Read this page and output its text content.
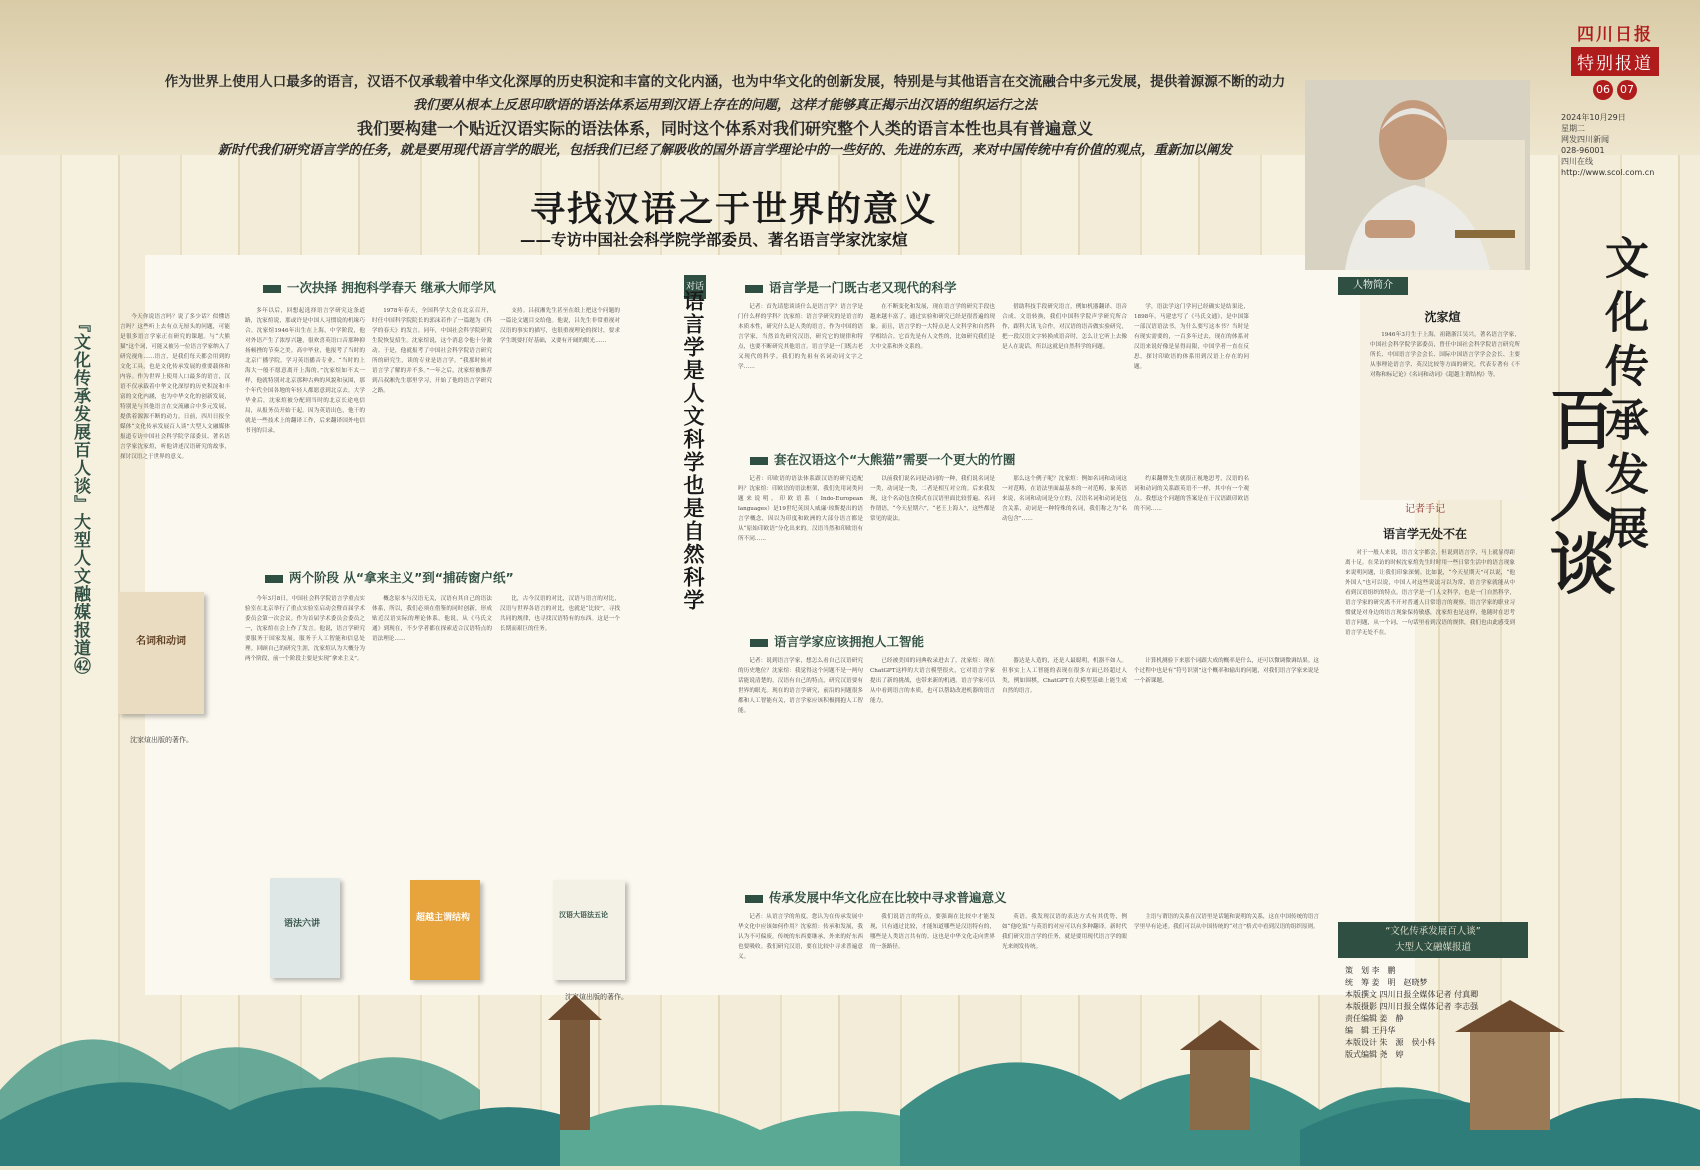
作为世界上使用人口最多的语言，汉语不仅承载着中华文化深厚的历史积淀和丰富的文化内涵，也为中华文化的创新发展，特别是与其他语言在交流融合中多元发展，提供着源源不断的动力
我们要从根本上反思印欧语的语法体系运用到汉语上存在的问题，这样才能够真正揭示出汉语的组织运行之法
我们要构建一个贴近汉语实际的语法体系，同时这个体系对我们研究整个人类的语言本性也具有普遍意义
新时代我们研究语言学的任务，就是要用现代语言学的眼光，包括我们已经了解吸收的国外语言学理论中的一些好的、先进的东西，来对中国传统中有价值的观点，重新加以阐发
四川日报
特别报道
06 07
2024年10月29日
星期二
网发四川新闻
028-96001
四川在线
http://www.scol.com.cn
文化传承发展
百人谈
寻找汉语之于世界的意义
——专访中国社会科学院学部委员、著名语言学家沈家煊
『文化传承发展百人谈』大型人文融媒报道㊷	今天你说语言吗？说了多少话？似懂语言吗？这些听上去有点无厘头的问题，可能是很多语言学家正在研究的课题。与“大熊猫”这个词，可能又被另一位语言学家纳入了研究视角……语言，是我们每天都会用到的文化工具，也是文化传承发展的重要载体和内容。作为世界上使用人口最多的语言，汉语不仅承载着中华文化深厚的历史积淀和丰富的文化内涵，也为中华文化的创新发展，特别是与其他语言在交流融合中多元发展，提供着源源不断的动力。日前，四川日报全媒体“文化传承发展百人谈”大型人文融媒体报道专访中国社会科学院学部委员、著名语言学家沈家煊，听他讲述汉语研究的故事，探讨汉语之于世界的意义。

名词和动词
沈家煊出版的著作。
语法六讲
超越主谓结构	汉语大语法五论
沈家煊出版的著作。
一次抉择 拥抱科学春天 继承大师学风

多年以后，回想起选择语言学研究这条道路，沈家煊说，那或许是中国人习惯说的机缘巧合。沈家煊1946年出生在上海，中学阶段，他对外语产生了浓厚兴趣，很欢喜英语口音那种抑扬顿挫的节奏之美。高中毕业，他报考了当时的北京广播学院，学习英语播音专业。“当时的上海大一般不愿意离开上海的。”沈家煊如不太一样，他就特别对北京那种古典的风貌和氛围，那个年代全国各地的年轻人都愿意到北京去。大学毕业后，沈家煊被分配到当时的北京长途电信局，从报务员开始干起。因为英语出色，他干的就是一些技术上的翻译工作，后来翻译国外电信书刊的目录。

1978年春天，全国科学大会在北京召开，时任中国科学院院长的郭沫若作了一篇题为《科学的春天》的发言。同年，中国社会科学院研究生院恢复招生。沈家煊说，这个消息令他十分激动。于是，他就报考了中国社会科学院语言研究所的研究生，读的专业是语言学。“我那时候对语言学了解的并不多。”一年之后，沈家煊被推荐到吕叔湘先生那里学习，开始了他的语言学研究之路。

支持。吕叔湘先生甚至在纸上把这个问题的一篇论文题目交给他。他说，吕先生非常重视对汉语的事实的描写，也很重视理论的探讨，要求学生既要打好基础，又要有开阔的眼光……

两个阶段 从“拿来主义”到“捕砖窗户纸”

今年3月8日，中国社会科学院语言学重点实验室在北京举行了重点实验室启动会暨首届学术委员会第一次会议。作为首届学术委员会委员之一，沈家煊在会上作了发言。他说，语言学研究要服务于国家发展，服务于人工智能和信息处理。回顾自己的研究生涯，沈家煊认为大概分为两个阶段，前一个阶段主要是实现“拿来主义”。

概念原本与汉语无关，汉语有其自己的语法体系，所以，我们必须在借鉴的同时创新，形成贴近汉语实际的理论体系。他说，从《马氏文通》到现在，不少学者都在探索适合汉语特点的语法理论……

比，古今汉语的对比，汉语与语言的对比，汉语与世界各语言的对比，也就是“比较”，寻找共同的规律，也寻找汉语特有的东西。这是一个长期而艰巨的任务。

对话
语言学是人文科学也是自然科学
语言学是一门既古老又现代的科学

记者：首先请您谈谈什么是语言学？语言学是门什么样的学科？沈家煊：语言学研究的是语言的本质本性，研究什么是人类的语言，作为中国的语言学家，当然首先研究汉语，研究它的规律和特点，也要不断研究其他语言。语言学是一门既古老又现代的科学。我们的先祖有名词动词文字之学……

在不断变化和发展，现在语言学的研究手段也越来越丰富了，通过实验和研究已经是很普遍的现象。而且，语言学的一大特点是人文科学和自然科学相结合。它首先是有人文性的，比如研究我们是大中文系和外文系的。

借助科技手段研究语言，例如机器翻译、语音合成、文语转换，我们中国科学院声学研究所合作，跟科大讯飞合作，对汉语的语音做实验研究，把一段汉语文字转换成语音时，怎么让它听上去像是人在说话，所以这就是自然科学的问题。

学，语法学这门学问已经确实是结果论，1898年，马建忠写了《马氏文通》，是中国第一部汉语语法书。为什么要写这本书？当时是有现实需要的，一百多年过去，现在的体系对汉语来说好像是显得局限，中国学者一直在反思，探讨印欧语的体系用到汉语上存在的问题。

套在汉语这个“大熊猫”需要一个更大的竹圈

记者：印欧语的语法体系跟汉语的研究适配吗？沈家煊：印欧语的语法框架，我们先用词类问题来说明。印欧语系（Indo-European languages）是19世纪英国人威廉·琼斯提出的语言学概念，因以为印度和欧洲的大部分语言都是从“原始印欧语”分化出来的。汉语当然和印欧语有所不同……

以前我们说名词是动词的一种，我们说名词是一类，动词是一类，二者是相互对立的。后来我发现，这个名动包含模式在汉语里面比较普遍。名词作谓语，“今天星期六”，“老王上海人”，这些都是常见的说法。

那么这个例子呢？沈家煊：例如名词和动词这一对范畴，在语法里面最基本的一对范畴，象英语来说，名词和动词是分立的，汉语名词和动词是包含关系，动词是一种特殊的名词，我们称之为“名动包含”……

约束翻牌先生就很正视地思考，汉语的名词和动词的关系跟英语不一样，其中有一个观点。我想这个问题的答案是在于汉语跟印欧语的不同……

语言学家应该拥抱人工智能

记者：说到语言学家，想怎么看自己汉语研究的历史地位？沈家煊：我觉得这个问题不是一两句话能说清楚的，汉语有自己的特点，研究汉语要有世界的眼光。现在的语言学研究，前沿的问题很多都和人工智能有关，语言学家应该积极拥抱人工智能。

已经被美国的词典收录进去了。沈家煊：现在ChatGPT这样的大语言模型很火，它对语言学家提出了新的挑战，也带来新的机遇。语言学家可以从中看到语言的本质，也可以帮助改进机器的语言能力。

器达是人造的，还是人最聪明，机器不如人。但事实上人工智能的表现在很多方面已经超过人类，例如围棋，ChatGPT在大模型基础上能生成自然的语言。

计算机测验下来那个词跟大成的概率是什么，还可以微调微调结果。这个过程中也是有“符号识别”这个概率和输出的问题，对我们语言学家来说是一个新课题。

传承发展中华文化应在比较中寻求普遍意义

记者：从语言学的角度，您认为在传承发展中华文化中应该如何作用？沈家煊：传承和发展，我认为不可偏废。传统的东西要继承，外来的好东西也要吸收。我们研究汉语，要在比较中寻求普遍意义。

我们说语言的特点，要强调在比较中才能发现，只有通过比较，才能知道哪些是汉语特有的，哪些是人类语言共有的。这也是中华文化走向世界的一条路径。

英语。我发现汉语的表达方式有其优势，例如“他吃饭”与英语的对应可以有多种翻译。新时代我们研究语言学的任务，就是要用现代语言学的眼光来阐发传统。

主语与谓语的关系在汉语里是话题和说明的关系，这在中国传统的语言学里早有论述。我们可以从中国传统的“对言”格式中看到汉语的组织原则。

人物简介
沈家煊

1946年3月生于上海，祖籍浙江吴兴，著名语言学家，中国社会科学院学部委员，曾任中国社会科学院语言研究所所长、中国语言学会会长、国际中国语言学学会会长、主要从事理论语言学、英汉比较等方面的研究，代表专著有《不对称和标记论》《名词和动词》《超越主谓结构》等。

记者手记
语言学无处不在

对于一般人来说，语言文字都会，但说到语言学，马上就显得距离十足。在采访的时候沈家煊先生时时用一些日常生活中的语言现象来说明问题，让我们印象深刻。比如说，“今天星期天”可以说，“他外国人”也可以说，中国人对这些说法习以为常，语言学家就能从中看到汉语组织的特点。语言学是一门人文科学，也是一门自然科学，语言学家的研究离不开对普通人日常语言的观察。语言学家的职业习惯就是对身边的语言现象保持敏感，沈家煊也是这样，他随时在思考语言问题，从一个词、一句话里看到汉语的规律，我们也由此感受到语言学无处不在。

“文化传承发展百人谈”
大型人文融媒报道
策　划 李　鹏
统　筹 姜　明　赵晓梦
本版撰文 四川日报全媒体记者 付真卿
本版摄影 四川日报全媒体记者 李志强
责任编辑 姜　静
编　辑 王丹华
本版设计 朱　源　侯小科
版式编辑 尧　婷
